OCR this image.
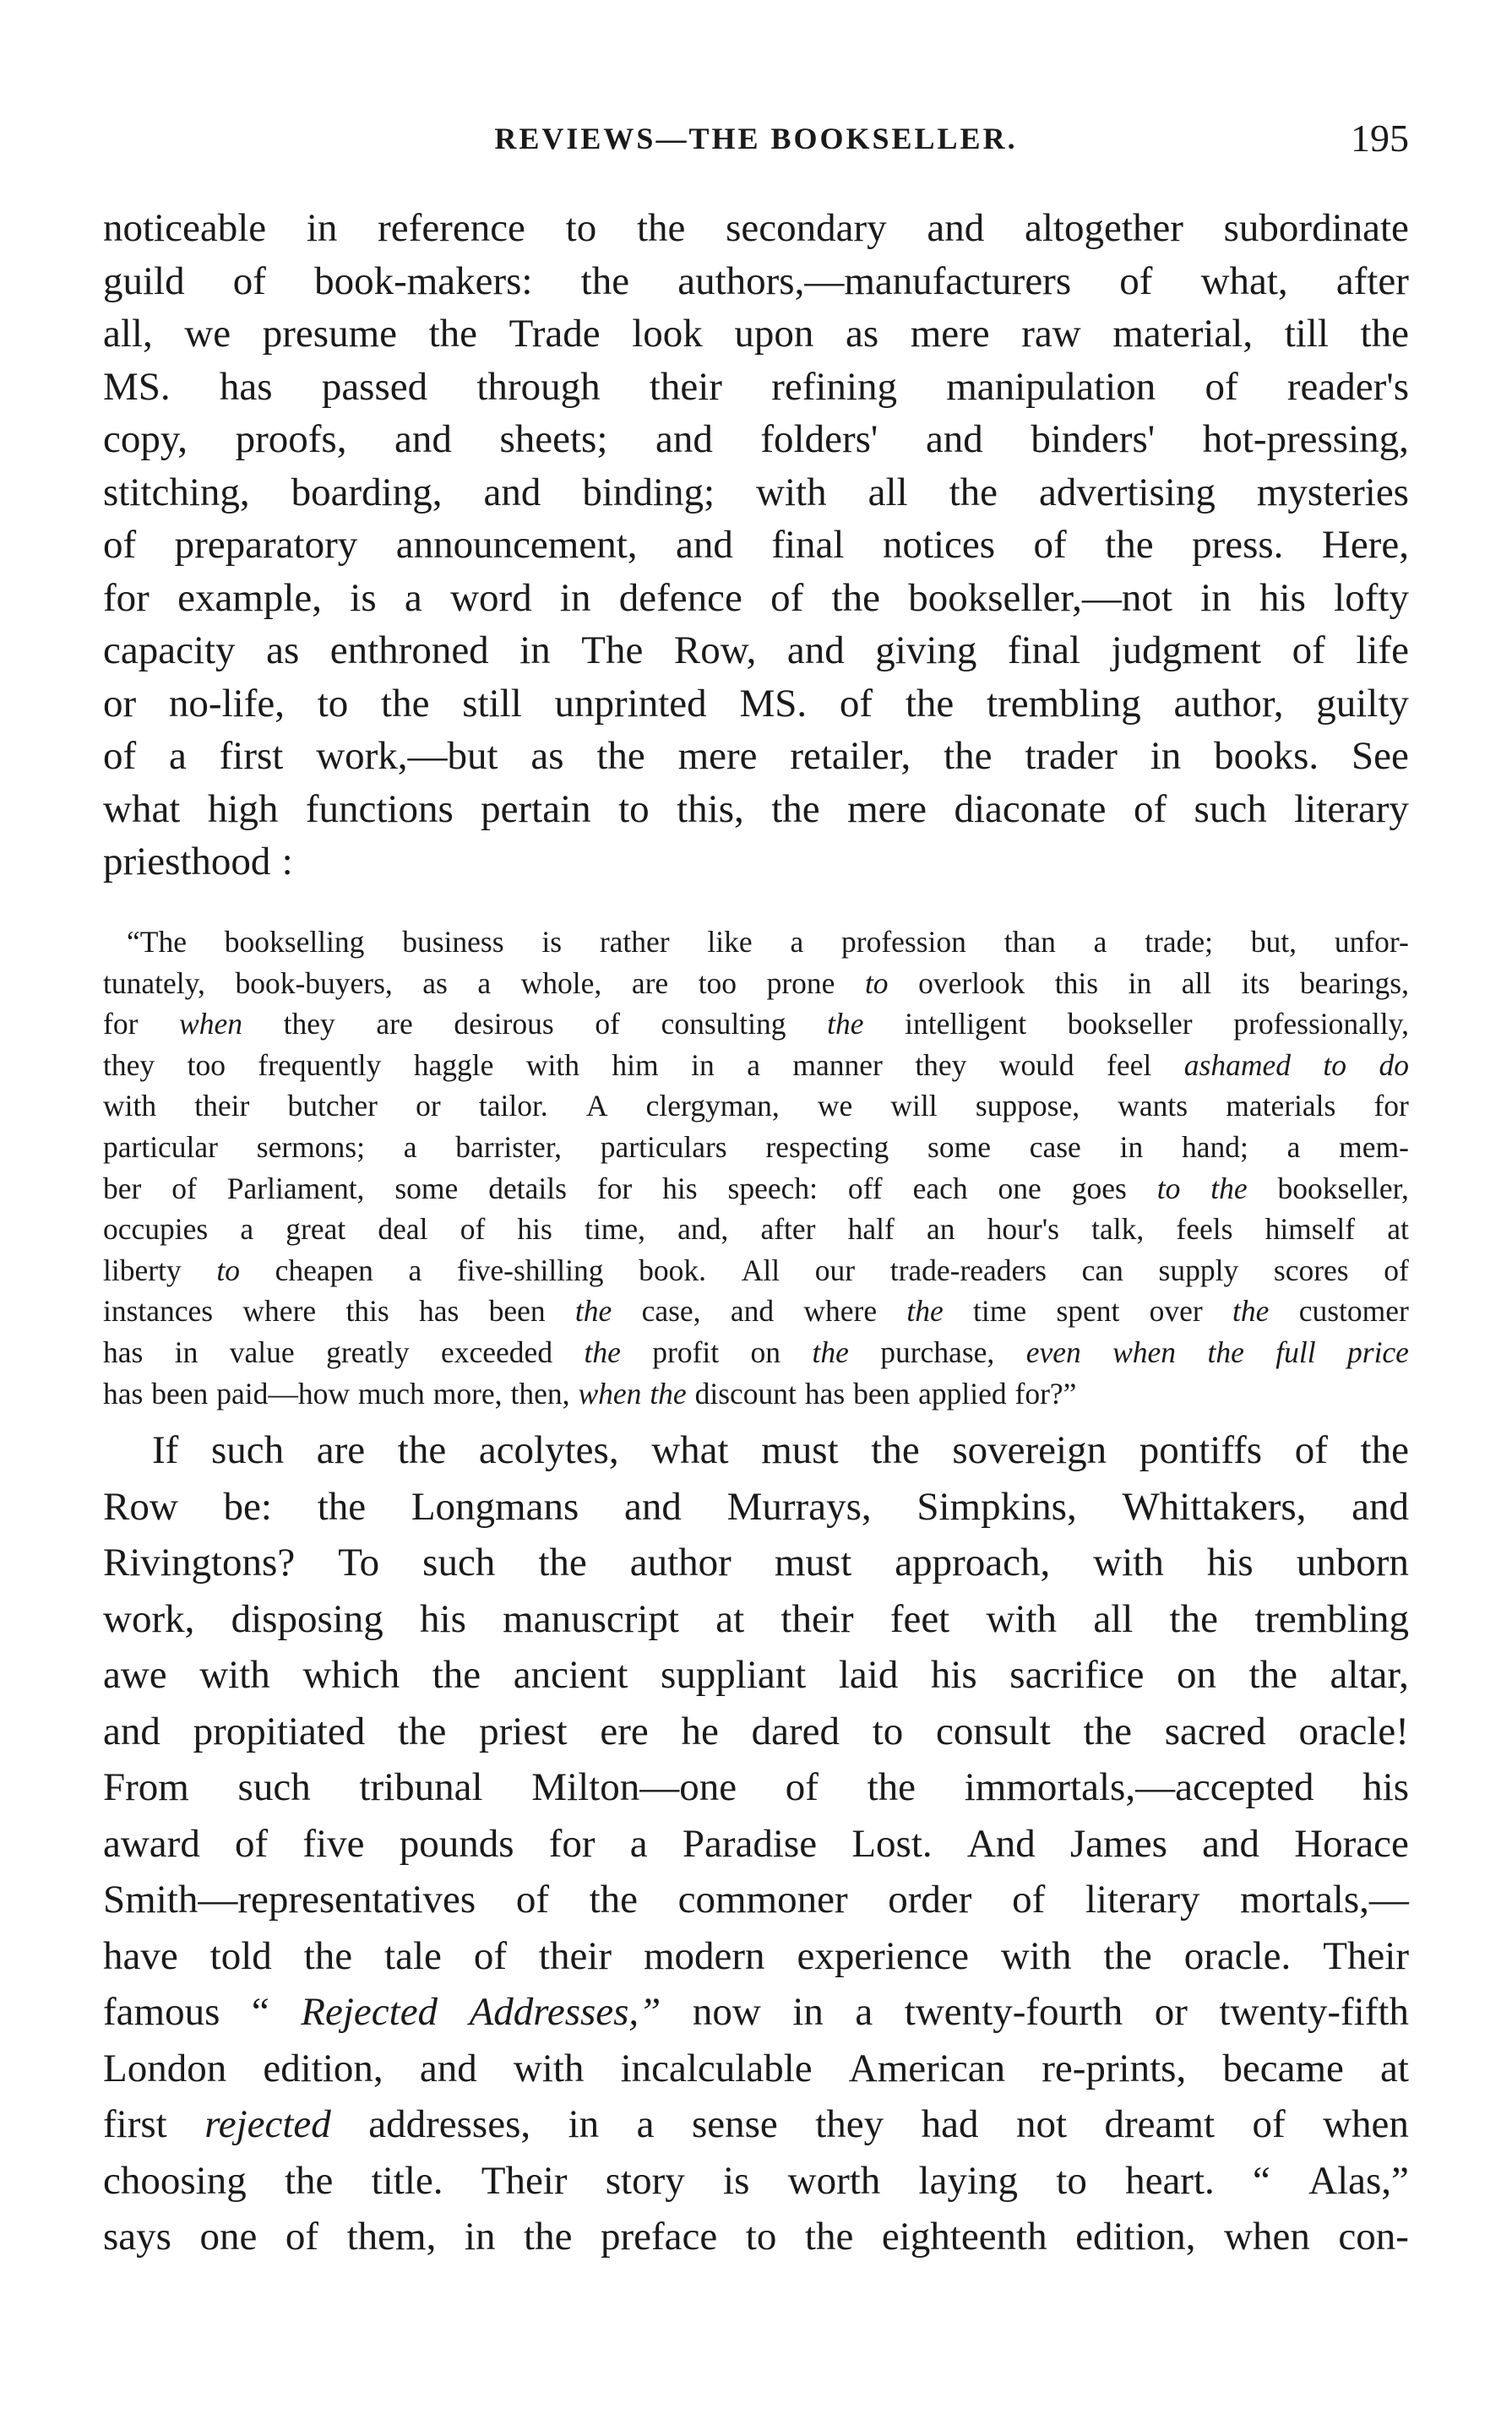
REVIEWS—THE BOOKSELLER.	195
noticeable in reference to the secondary and altogether subordinate
guild of book-makers: the authors,—manufacturers of what, after
all, we presume the Trade look upon as mere raw material, till the
MS. has passed through their refining manipulation of reader's
copy, proofs, and sheets; and folders' and binders' hot-pressing,
stitching, boarding, and binding; with all the advertising mysteries
of preparatory announcement, and final notices of the press. Here,
for example, is a word in defence of the bookseller,—not in his lofty
capacity as enthroned in The Row, and giving final judgment of life
or no-life, to the still unprinted MS. of the trembling author, guilty
of a first work,—but as the mere retailer, the trader in books. See
what high functions pertain to this, the mere diaconate of such literary
priesthood :
“The bookselling business is rather like a profession than a trade; but, unfor-
tunately, book-buyers, as a whole, are too prone to overlook this in all its bearings,
for when they are desirous of consulting the intelligent bookseller professionally,
they too frequently haggle with him in a manner they would feel ashamed to do
with their butcher or tailor. A clergyman, we will suppose, wants materials for
particular sermons; a barrister, particulars respecting some case in hand; a mem-
ber of Parliament, some details for his speech: off each one goes to the bookseller,
occupies a great deal of his time, and, after half an hour's talk, feels himself at
liberty to cheapen a five-shilling book. All our trade-readers can supply scores of
instances where this has been the case, and where the time spent over the customer
has in value greatly exceeded the profit on the purchase, even when the full price
has been paid—how much more, then, when the discount has been applied for?”
If such are the acolytes, what must the sovereign pontiffs of the
Row be: the Longmans and Murrays, Simpkins, Whittakers, and
Rivingtons? To such the author must approach, with his unborn
work, disposing his manuscript at their feet with all the trembling
awe with which the ancient suppliant laid his sacrifice on the altar,
and propitiated the priest ere he dared to consult the sacred oracle!
From such tribunal Milton—one of the immortals,—accepted his
award of five pounds for a Paradise Lost. And James and Horace
Smith—representatives of the commoner order of literary mortals,—
have told the tale of their modern experience with the oracle. Their
famous “ Rejected Addresses,” now in a twenty-fourth or twenty-fifth
London edition, and with incalculable American re-prints, became at
first rejected addresses, in a sense they had not dreamt of when
choosing the title. Their story is worth laying to heart. “ Alas,”
says one of them, in the preface to the eighteenth edition, when con-
